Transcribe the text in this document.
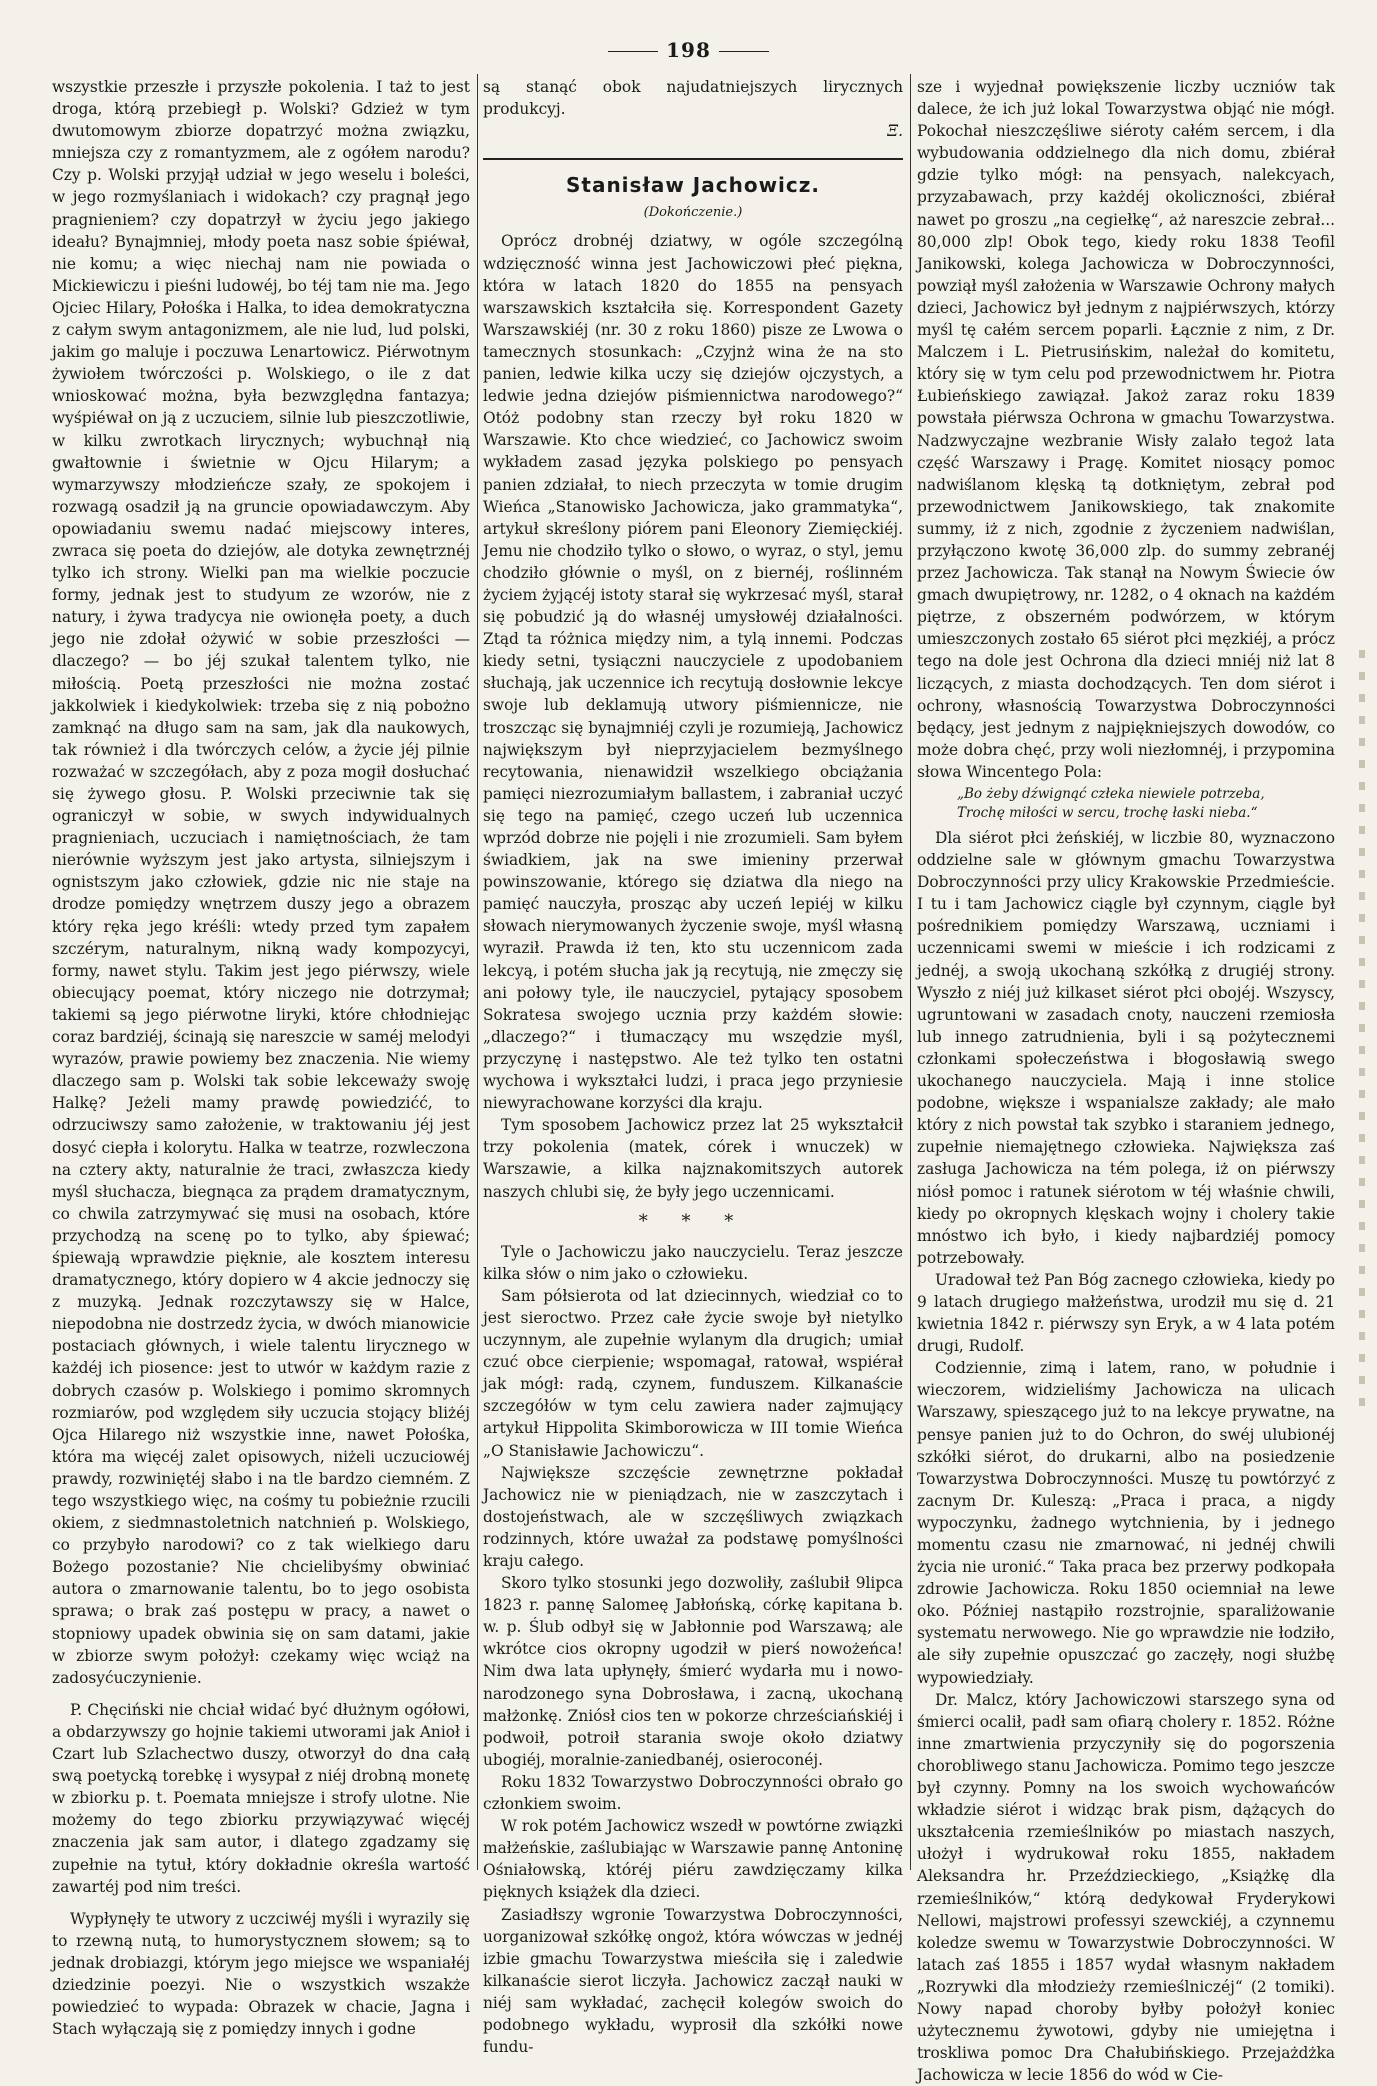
198

wszystkie przeszłe i przyszłe pokolenia. I taż to jest droga, którą przebiegł p. Wolski? Gdzież w tym dwutomowym zbiorze dopatrzyć można związku, mniejsza czy z romantyzmem, ale z ogółem narodu? Czy p. Wolski przyjął udział w jego weselu i boleści, w jego rozmyślaniach i widokach? czy pragnął jego pragnieniem? czy dopatrzył w życiu jego jakiego ideału? Bynajmniej, młody poeta nasz sobie śpiéwał, nie komu; a więc niechaj nam nie powiada o Mickiewiczu i pieśni ludowéj, bo téj tam nie ma. Jego Ojciec Hilary, Połośka i Halka, to idea demokratyczna z całym swym antagonizmem, ale nie lud, lud polski, jakim go maluje i poczuwa Lenartowicz. Piérwotnym żywiołem twórczości p. Wolskiego, o ile z dat wnioskować można, była bezwzględna fantazya; wyśpiéwał on ją z uczuciem, silnie lub pieszczotliwie, w kilku zwrotkach lirycznych; wybuchnął nią gwałtownie i świetnie w Ojcu Hilarym; a wymarzywszy młodzieńcze szały, ze spokojem i rozwagą osadził ją na gruncie opowiadawczym. Aby opowiadaniu swemu nadać miejscowy interes, zwraca się poeta do dziejów, ale dotyka zewnętrznéj tylko ich strony. Wielki pan ma wielkie poczucie formy, jednak jest to studyum ze wzorów, nie z natury, i żywa tradycya nie owionęła poety, a duch jego nie zdołał ożywić w sobie przeszłości — dlaczego? — bo jéj szukał talentem tylko, nie miłością. Poetą przeszłości nie można zostać jakkolwiek i kiedykolwiek: trzeba się z nią pobożno zamknąć na długo sam na sam, jak dla naukowych, tak również i dla twórczych celów, a życie jéj pilnie rozważać w szczegółach, aby z poza mogił dosłuchać się żywego głosu. P. Wolski przeciwnie tak się ograniczył w sobie, w swych indywidualnych pragnieniach, uczuciach i namiętnościach, że tam nierównie wyższym jest jako artysta, silniejszym i ognistszym jako człowiek, gdzie nic nie staje na drodze pomiędzy wnętrzem duszy jego a obrazem który ręka jego kréśli: wtedy przed tym zapałem szczérym, naturalnym, nikną wady kompozycyi, formy, nawet stylu. Takim jest jego piérwszy, wiele obiecujący poemat, który niczego nie dotrzymał; takiemi są jego piérwotne liryki, które chłodniejąc coraz bardziéj, ścinają się nareszcie w saméj melodyi wyrazów, prawie powiemy bez znaczenia. Nie wiemy dlaczego sam p. Wolski tak sobie lekceważy swoję Halkę? Jeżeli mamy prawdę powiedzićć, to odrzuciwszy samo założenie, w traktowaniu jéj jest dosyć ciepła i kolorytu. Halka w teatrze, rozwleczona na cztery akty, naturalnie że traci, zwłaszcza kiedy myśl słuchacza, biegnąca za prądem dramatycznym, co chwila zatrzymywać się musi na osobach, które przychodzą na scenę po to tylko, aby śpiewać; śpiewają wprawdzie pięknie, ale kosztem interesu dramatycznego, który dopiero w 4 akcie jednoczy się z muzyką. Jednak rozczytawszy się w Halce, niepodobna nie dostrzedz życia, w dwóch mianowicie postaciach głównych, i wiele talentu lirycznego w każdéj ich piosence: jest to utwór w każdym razie z dobrych czasów p. Wolskiego i pomimo skromnych rozmiarów, pod względem siły uczucia stojący bliżéj Ojca Hilarego niż wszystkie inne, nawet Połośka, która ma więcéj zalet opisowych, niżeli uczuciowéj prawdy, rozwiniętéj słabo i na tle bardzo ciemném. Z tego wszystkiego więc, na cośmy tu pobieżnie rzucili okiem, z siedmnastoletnich natchnień p. Wolskiego, co przybyło narodowi? co z tak wielkiego daru Bożego pozostanie? Nie chcielibyśmy obwiniać autora o zmarnowanie talentu, bo to jego osobista sprawa; o brak zaś postępu w pracy, a nawet o stopniowy upadek obwinia się on sam datami, jakie w zbiorze swym położył: czekamy więc wciąż na zadosyćuczynienie.

P. Chęciński nie chciał widać być dłużnym ogółowi, a obdarzywszy go hojnie takiemi utworami jak Anioł i Czart lub Szlachectwo duszy, otworzył do dna całą swą poetycką torebkę i wysypał z niéj drobną monetę w zbiorku p. t. Poemata mniejsze i strofy ulotne. Nie możemy do tego zbiorku przywiązywać więcéj znaczenia jak sam autor, i dlatego zgadzamy się zupełnie na tytuł, który dokładnie określa wartość zawartéj pod nim treści.

Wypłynęły te utwory z uczciwéj myśli i wyrazily się to rzewną nutą, to humorystycznem słowem; są to jednak drobiazgi, którym jego miejsce we wspaniałéj dziedzinie poezyi. Nie o wszystkich wszakże powiedzieć to wypada: Obrazek w chacie, Jagna i Stach wyłączają się z pomiędzy innych i godne

są stanąć obok najudatniejszych lirycznych produkcyj.

Ξ.
Stanisław Jachowicz.
(Dokończenie.)

Oprócz drobnéj dziatwy, w ogóle szczególną wdzięczność winna jest Jachowiczowi płeć piękna, która w latach 1820 do 1855 na pensyach warszawskich kształciła się. Korrespondent Gazety Warszawskiéj (nr. 30 z roku 1860) pisze ze Lwowa o tamecznych stosunkach: „Czyjnż wina że na sto panien, ledwie kilka uczy się dziejów ojczystych, a ledwie jedna dziejów piśmiennictwa narodowego?“ Otóż podobny stan rzeczy był roku 1820 w Warszawie. Kto chce wiedzieć, co Jachowicz swoim wykładem zasad języka polskiego po pensyach panien zdziałał, to niech przeczyta w tomie drugim Wieńca „Stanowisko Jachowicza, jako grammatyka“, artykuł skreślony piórem pani Eleonory Ziemięckiéj. Jemu nie chodziło tylko o słowo, o wyraz, o styl, jemu chodziło głównie o myśl, on z biernéj, roślinném życiem żyjącéj istoty starał się wykrzesać myśl, starał się pobudzić ją do własnéj umysłowéj działalności. Ztąd ta różnica między nim, a tylą innemi. Podczas kiedy setni, tysiączni nauczyciele z upodobaniem słuchają, jak uczennice ich recytują dosłownie lekcye swoje lub deklamują utwory piśmiennicze, nie troszcząc się bynajmniéj czyli je rozumieją, Jachowicz największym był nieprzyjacielem bezmyślnego recytowania, nienawidził wszelkiego obciążania pamięci niezrozumiałym ballastem, i zabraniał uczyć się tego na pamięć, czego uczeń lub uczennica wprzód dobrze nie pojęli i nie zrozumieli. Sam byłem świadkiem, jak na swe imieniny przerwał powinszowanie, którego się dziatwa dla niego na pamięć nauczyła, prosząc aby uczeń lepiéj w kilku słowach nierymowanych życzenie swoje, myśl własną wyraził. Prawda iż ten, kto stu uczennicom zada lekcyą, i potém słucha jak ją recytują, nie zmęczy się ani połowy tyle, ile nauczyciel, pytający sposobem Sokratesa swojego ucznia przy każdém słowie: „dlaczego?“ i tłumaczący mu wszędzie myśl, przyczynę i następstwo. Ale też tylko ten ostatni wychowa i wykształci ludzi, i praca jego przyniesie niewyrachowane korzyści dla kraju.

Tym sposobem Jachowicz przez lat 25 wykształcił trzy pokolenia (matek, córek i wnuczek) w Warszawie, a kilka najznakomitszych autorek naszych chlubi się, że były jego uczennicami.

* * *

Tyle o Jachowiczu jako nauczycielu. Teraz jeszcze kilka słów o nim jako o człowieku.

Sam półsierota od lat dziecinnych, wiedział co to jest sieroctwo. Przez całe życie swoje był nietylko uczynnym, ale zupełnie wylanym dla drugich; umiał czuć obce cierpienie; wspomagał, ratował, wspiérał jak mógł: radą, czynem, funduszem. Kilkanaście szczegółów w tym celu zawiera nader zajmujący artykuł Hippolita Skimborowicza w III tomie Wieńca „O Stanisławie Jachowiczu“.

Największe szczęście zewnętrzne pokładał Jachowicz nie w pieniądzach, nie w zaszczytach i dostojeństwach, ale w szczęśliwych związkach rodzinnych, które uważał za podstawę pomyślności kraju całego.

Skoro tylko stosunki jego dozwoliły, zaślubił 9lipca 1823 r. pannę Salomeę Jabłońską, córkę kapitana b. w. p. Ślub odbył się w Jabłonnie pod Warszawą; ale wkrótce cios okropny ugodził w pierś nowożeńca! Nim dwa lata upłynęły, śmierć wydarła mu i nowo-narodzonego syna Dobrosława, i zacną, ukochaną małżonkę. Zniósł cios ten w pokorze chrześciańskiéj i podwoił, potroił starania swoje około dziatwy ubogiéj, moralnie-zaniedbanéj, osieroconéj.

Roku 1832 Towarzystwo Dobroczynności obrało go członkiem swoim.

W rok potém Jachowicz wszedł w powtórne związki małżeńskie, zaślubiając w Warszawie pannę Antoninę Ośniałowską, któréj piéru zawdzięczamy kilka pięknych książek dla dzieci.

Zasiadłszy wgronie Towarzystwa Dobroczynności, uorganizował szkółkę ongoż, która wówczas w jednéj izbie gmachu Towarzystwa mieściła się i zaledwie kilkanaście sierot liczyła. Jachowicz zaczął nauki w niéj sam wykładać, zachęcił kolegów swoich do podobnego wykładu, wyprosił dla szkółki nowe fundu-

sze i wyjednał powiększenie liczby uczniów tak dalece, że ich już lokal Towarzystwa objąć nie mógł. Pokochał nieszczęśliwe siéroty całém sercem, i dla wybudowania oddzielnego dla nich domu, zbiérał gdzie tylko mógł: na pensyach, nalekcyach, przyzabawach, przy każdéj okoliczności, zbiérał nawet po groszu „na cegiełkę“, aż nareszcie zebrał... 80,000 zlp! Obok tego, kiedy roku 1838 Teofil Janikowski, kolega Jachowicza w Dobroczynności, powziął myśl założenia w Warszawie Ochrony małych dzieci, Jachowicz był jednym z najpiérwszych, którzy myśl tę całém sercem poparli. Łącznie z nim, z Dr. Malczem i L. Pietrusińskim, należał do komitetu, który się w tym celu pod przewodnictwem hr. Piotra Łubieńskiego zawiązał. Jakoż zaraz roku 1839 powstała piérwsza Ochrona w gmachu Towarzystwa. Nadzwyczajne wezbranie Wisły zalało tegoż lata część Warszawy i Pragę. Komitet niosący pomoc nadwiślanom klęską tą dotkniętym, zebrał pod przewodnictwem Janikowskiego, tak znakomite summy, iż z nich, zgodnie z życzeniem nadwiślan, przyłączono kwotę 36,000 zlp. do summy zebranéj przez Jachowicza. Tak stanął na Nowym Świecie ów gmach dwupiętrowy, nr. 1282, o 4 oknach na każdém piętrze, z obszerném podwórzem, w którym umieszczonych zostało 65 siérot płci męzkiéj, a prócz tego na dole jest Ochrona dla dzieci mniéj niż lat 8 liczących, z miasta dochodzących. Ten dom siérot i ochrony, własnością Towarzystwa Dobroczynności będący, jest jednym z najpiękniejszych dowodów, co może dobra chęć, przy woli niezłomnéj, i przypomina słowa Wincentego Pola:

„Bo żeby dźwignąć człeka niewiele potrzeba,
Trochę miłości w sercu, trochę łaski nieba.“

Dla siérot płci żeńskiéj, w liczbie 80, wyznaczono oddzielne sale w głównym gmachu Towarzystwa Dobroczynności przy ulicy Krakowskie Przedmieście. I tu i tam Jachowicz ciągle był czynnym, ciągle był pośrednikiem pomiędzy Warszawą, uczniami i uczennicami swemi w mieście i ich rodzicami z jednéj, a swoją ukochaną szkółką z drugiéj strony. Wyszło z niéj już kilkaset siérot płci obojéj. Wszyscy, ugruntowani w zasadach cnoty, nauczeni rzemiosła lub innego zatrudnienia, byli i są pożytecznemi członkami społeczeństwa i błogosławią swego ukochanego nauczyciela. Mają i inne stolice podobne, większe i wspanialsze zakłady; ale mało który z nich powstał tak szybko i staraniem jednego, zupełnie niemajętnego człowieka. Największa zaś zasługa Jachowicza na tém polega, iż on piérwszy niósł pomoc i ratunek siérotom w téj właśnie chwili, kiedy po okropnych klęskach wojny i cholery takie mnóstwo ich było, i kiedy najbardziéj pomocy potrzebowały.

Uradował też Pan Bóg zacnego człowieka, kiedy po 9 latach drugiego małżeństwa, urodził mu się d. 21 kwietnia 1842 r. piérwszy syn Eryk, a w 4 lata potém drugi, Rudolf.

Codziennie, zimą i latem, rano, w południe i wieczorem, widzieliśmy Jachowicza na ulicach Warszawy, spieszącego już to na lekcye prywatne, na pensye panien już to do Ochron, do swéj ulubionéj szkółki siérot, do drukarni, albo na posiedzenie Towarzystwa Dobroczynności. Muszę tu powtórzyć z zacnym Dr. Kuleszą: „Praca i praca, a nigdy wypoczynku, żadnego wytchnienia, by i jednego momentu czasu nie zmarnować, ni jednéj chwili życia nie uronić.“ Taka praca bez przerwy podkopała zdrowie Jachowicza. Roku 1850 ociemniał na lewe oko. Później nastąpiło rozstrojnie, sparaliżowanie systematu nerwowego. Nie go wprawdzie nie łodziło, ale siły zupełnie opuszczać go zaczęły, nogi służbę wypowiedziały.

Dr. Malcz, który Jachowiczowi starszego syna od śmierci ocalił, padł sam ofiarą cholery r. 1852. Różne inne zmartwienia przyczyniły się do pogorszenia chorobliwego stanu Jachowicza. Pomimo tego jeszcze był czynny. Pomny na los swoich wychowańców wkładzie siérot i widząc brak pism, dążących do ukształcenia rzemieślników po miastach naszych, ułożył i wydrukował roku 1855, nakładem Aleksandra hr. Przeździeckiego, „Książkę dla rzemieślników,“ którą dedykował Fryderykowi Nellowi, majstrowi professyi szewckiéj, a czynnemu koledze swemu w Towarzystwie Dobroczynności. W latach zaś 1855 i 1857 wydał własnym nakładem „Rozrywki dla młodzieży rzemieślniczéj“ (2 tomiki). Nowy napad choroby byłby położył koniec użytecznemu żywotowi, gdyby nie umiejętna i troskliwa pomoc Dra Chałubińskiego. Przejażdżka Jachowicza w lecie 1856 do wód w Cie-
